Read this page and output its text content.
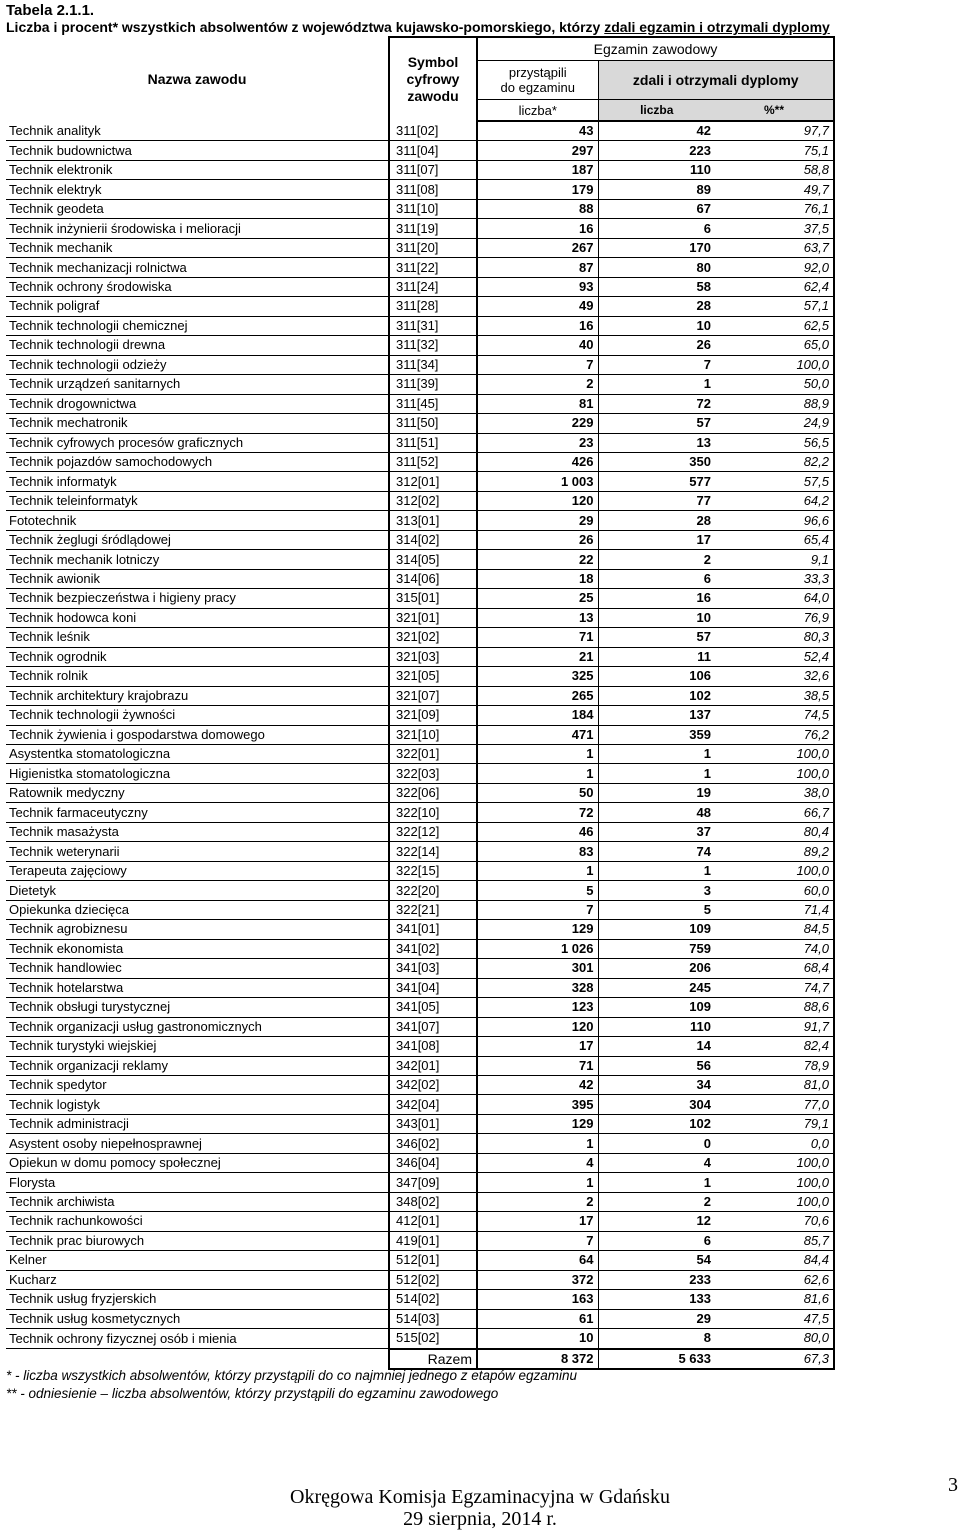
Tabela 2.1.1.
Liczba i procent* wszystkich absolwentów z województwa kujawsko-pomorskiego, którzy zdali egzamin i otrzymali dyplomy
Nazwa zawodu	Symbol
cyfrowy
zawodu	Egzamin zawodowy		
		przystąpili
do egzaminu	zdali i otrzymali dyplomy	
		liczba*	liczba	%**
Technik analityk	311[02]	43	42	97,7
Technik budownictwa	311[04]	297	223	75,1
Technik elektronik	311[07]	187	110	58,8
Technik elektryk	311[08]	179	89	49,7
Technik geodeta	311[10]	88	67	76,1
Technik inżynierii środowiska i melioracji	311[19]	16	6	37,5
Technik mechanik	311[20]	267	170	63,7
Technik mechanizacji rolnictwa	311[22]	87	80	92,0
Technik ochrony środowiska	311[24]	93	58	62,4
Technik poligraf	311[28]	49	28	57,1
Technik technologii chemicznej	311[31]	16	10	62,5
Technik technologii drewna	311[32]	40	26	65,0
Technik technologii odzieży	311[34]	7	7	100,0
Technik urządzeń sanitarnych	311[39]	2	1	50,0
Technik drogownictwa	311[45]	81	72	88,9
Technik mechatronik	311[50]	229	57	24,9
Technik cyfrowych procesów graficznych	311[51]	23	13	56,5
Technik pojazdów samochodowych	311[52]	426	350	82,2
Technik informatyk	312[01]	1 003	577	57,5
Technik teleinformatyk	312[02]	120	77	64,2
Fototechnik	313[01]	29	28	96,6
Technik żeglugi śródlądowej	314[02]	26	17	65,4
Technik mechanik lotniczy	314[05]	22	2	9,1
Technik awionik	314[06]	18	6	33,3
Technik bezpieczeństwa i higieny pracy	315[01]	25	16	64,0
Technik hodowca koni	321[01]	13	10	76,9
Technik leśnik	321[02]	71	57	80,3
Technik ogrodnik	321[03]	21	11	52,4
Technik rolnik	321[05]	325	106	32,6
Technik architektury krajobrazu	321[07]	265	102	38,5
Technik technologii żywności	321[09]	184	137	74,5
Technik żywienia i gospodarstwa domowego	321[10]	471	359	76,2
Asystentka stomatologiczna	322[01]	1	1	100,0
Higienistka stomatologiczna	322[03]	1	1	100,0
Ratownik medyczny	322[06]	50	19	38,0
Technik farmaceutyczny	322[10]	72	48	66,7
Technik masażysta	322[12]	46	37	80,4
Technik weterynarii	322[14]	83	74	89,2
Terapeuta zajęciowy	322[15]	1	1	100,0
Dietetyk	322[20]	5	3	60,0
Opiekunka dziecięca	322[21]	7	5	71,4
Technik agrobiznesu	341[01]	129	109	84,5
Technik ekonomista	341[02]	1 026	759	74,0
Technik handlowiec	341[03]	301	206	68,4
Technik hotelarstwa	341[04]	328	245	74,7
Technik obsługi turystycznej	341[05]	123	109	88,6
Technik organizacji usług gastronomicznych	341[07]	120	110	91,7
Technik turystyki wiejskiej	341[08]	17	14	82,4
Technik organizacji reklamy	342[01]	71	56	78,9
Technik spedytor	342[02]	42	34	81,0
Technik logistyk	342[04]	395	304	77,0
Technik administracji	343[01]	129	102	79,1
Asystent osoby niepełnosprawnej	346[02]	1	0	0,0
Opiekun w domu pomocy społecznej	346[04]	4	4	100,0
Florysta	347[09]	1	1	100,0
Technik archiwista	348[02]	2	2	100,0
Technik rachunkowości	412[01]	17	12	70,6
Technik prac biurowych	419[01]	7	6	85,7
Kelner	512[01]	64	54	84,4
Kucharz	512[02]	372	233	62,6
Technik usług fryzjerskich	514[02]	163	133	81,6
Technik usług kosmetycznych	514[03]	61	29	47,5
Technik ochrony fizycznej osób i mienia	515[02]	10	8	80,0
	Razem	8 372	5 633	67,3
* - liczba wszystkich absolwentów, którzy przystąpili do co najmniej jednego z etapów egzaminu
** - odniesienie – liczba absolwentów, którzy przystąpili do egzaminu zawodowego
Okręgowa Komisja Egzaminacyjna w Gdańsku
29 sierpnia, 2014 r.
3
